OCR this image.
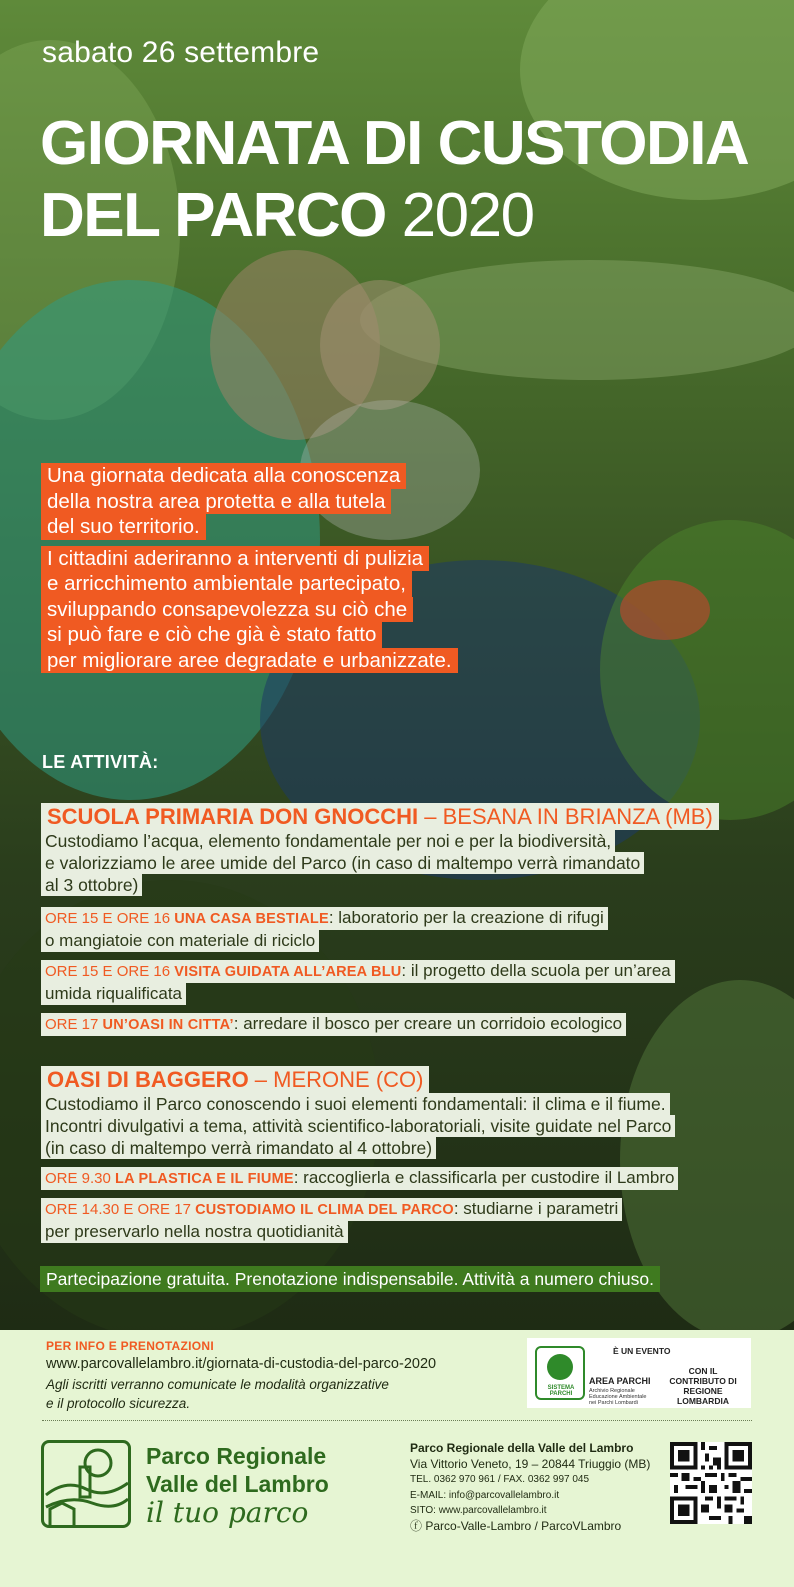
sabato 26 settembre
GIORNATA DI CUSTODIA
DEL PARCO 2020
Una giornata dedicata alla conoscenza
della nostra area protetta e alla tutela
del suo territorio.
I cittadini aderiranno a interventi di pulizia
e arricchimento ambientale partecipato,
sviluppando consapevolezza su ciò che
si può fare e ciò che già è stato fatto
per migliorare aree degradate e urbanizzate.
LE ATTIVITÀ:
SCUOLA PRIMARIA DON GNOCCHI – BESANA IN BRIANZA (MB)
Custodiamo l’acqua, elemento fondamentale per noi e per la biodiversità,
e valorizziamo le aree umide del Parco (in caso di maltempo verrà rimandato
al 3 ottobre)
ORE 15 E ORE 16 UNA CASA BESTIALE: laboratorio per la creazione di rifugi
o mangiatoie con materiale di riciclo
ORE 15 E ORE 16 VISITA GUIDATA ALL’AREA BLU: il progetto della scuola per un’area
umida riqualificata
ORE 17 UN’OASI IN CITTA’: arredare il bosco per creare un corridoio ecologico
OASI DI BAGGERO – MERONE (CO)
Custodiamo il Parco conoscendo i suoi elementi fondamentali: il clima e il fiume.
Incontri divulgativi a tema, attività scientifico-laboratoriali, visite guidate nel Parco
(in caso di maltempo verrà rimandato al 4 ottobre)
ORE 9.30 LA PLASTICA E IL FIUME: raccoglierla e classificarla per custodire il Lambro
ORE 14.30 E ORE 17 CUSTODIAMO IL CLIMA DEL PARCO: studiarne i parametri
per preservarlo nella nostra quotidianità
Partecipazione gratuita. Prenotazione indispensabile. Attività a numero chiuso.
PER INFO E PRENOTAZIONI
www.parcovallelambro.it/giornata-di-custodia-del-parco-2020
Agli iscritti verranno comunicate le modalità organizzative
e il protocollo sicurezza.
SISTEMA PARCHI
È UN EVENTO
AREA PARCHI
Archivio Regionale Educazione Ambientale nei Parchi Lombardi
CON IL CONTRIBUTO DI REGIONE LOMBARDIA
Parco Regionale
Valle del Lambro
il tuo parco
Parco Regionale della Valle del Lambro
Via Vittorio Veneto, 19 – 20844 Triuggio (MB)
TEL. 0362 970 961 / FAX. 0362 997 045
E-MAIL: info@parcovallelambro.it
SITO: www.parcovallelambro.it
ⓕ Parco-Valle-Lambro / ParcoVLambro
